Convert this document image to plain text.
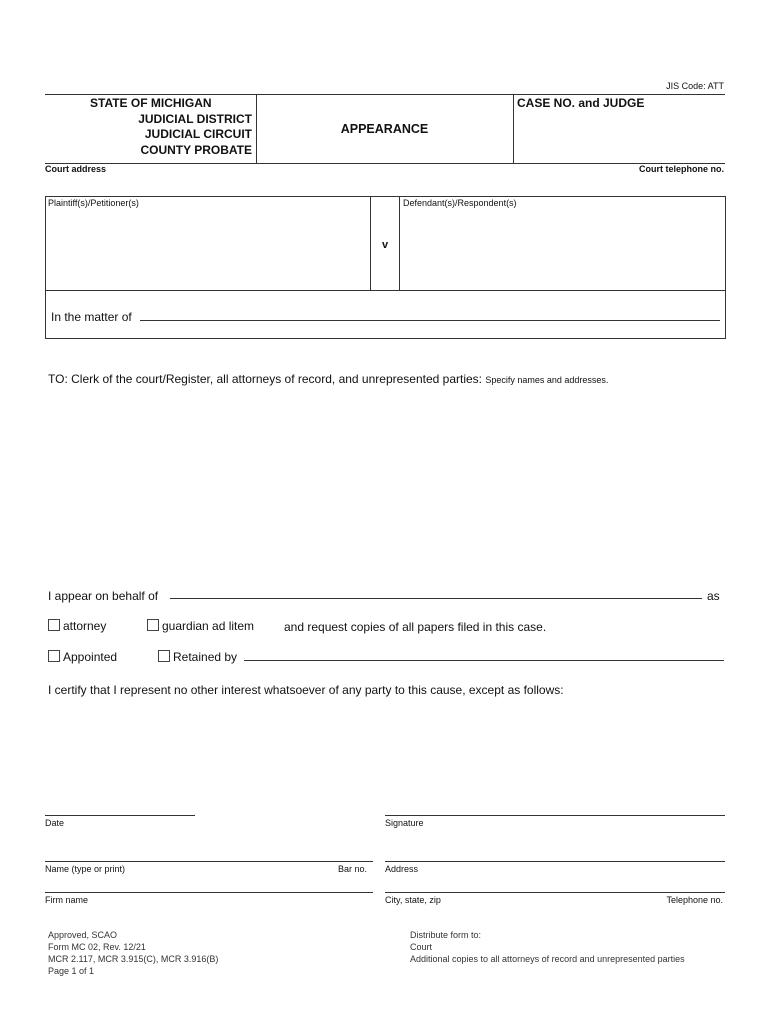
JIS Code: ATT
STATE OF MICHIGAN
JUDICIAL DISTRICT
JUDICIAL CIRCUIT
COUNTY PROBATE
APPEARANCE
CASE NO. and JUDGE
Court address	Court telephone no.
Plaintiff(s)/Petitioner(s)
v
Defendant(s)/Respondent(s)
In the matter of
TO: Clerk of the court/Register, all attorneys of record, and unrepresented parties: Specify names and addresses.
I appear on behalf of	as
attorney	guardian ad litem and request copies of all papers filed in this case.
Appointed	Retained by
I certify that I represent no other interest whatsoever of any party to this cause, except as follows:
Date	Signature
Name (type or print)	Bar no. Address
Firm name	City, state, zip	Telephone no.
Approved, SCAO
Form MC 02, Rev. 12/21
MCR 2.117, MCR 3.915(C), MCR 3.916(B)
Page 1 of 1
Distribute form to:
Court
Additional copies to all attorneys of record and unrepresented parties
